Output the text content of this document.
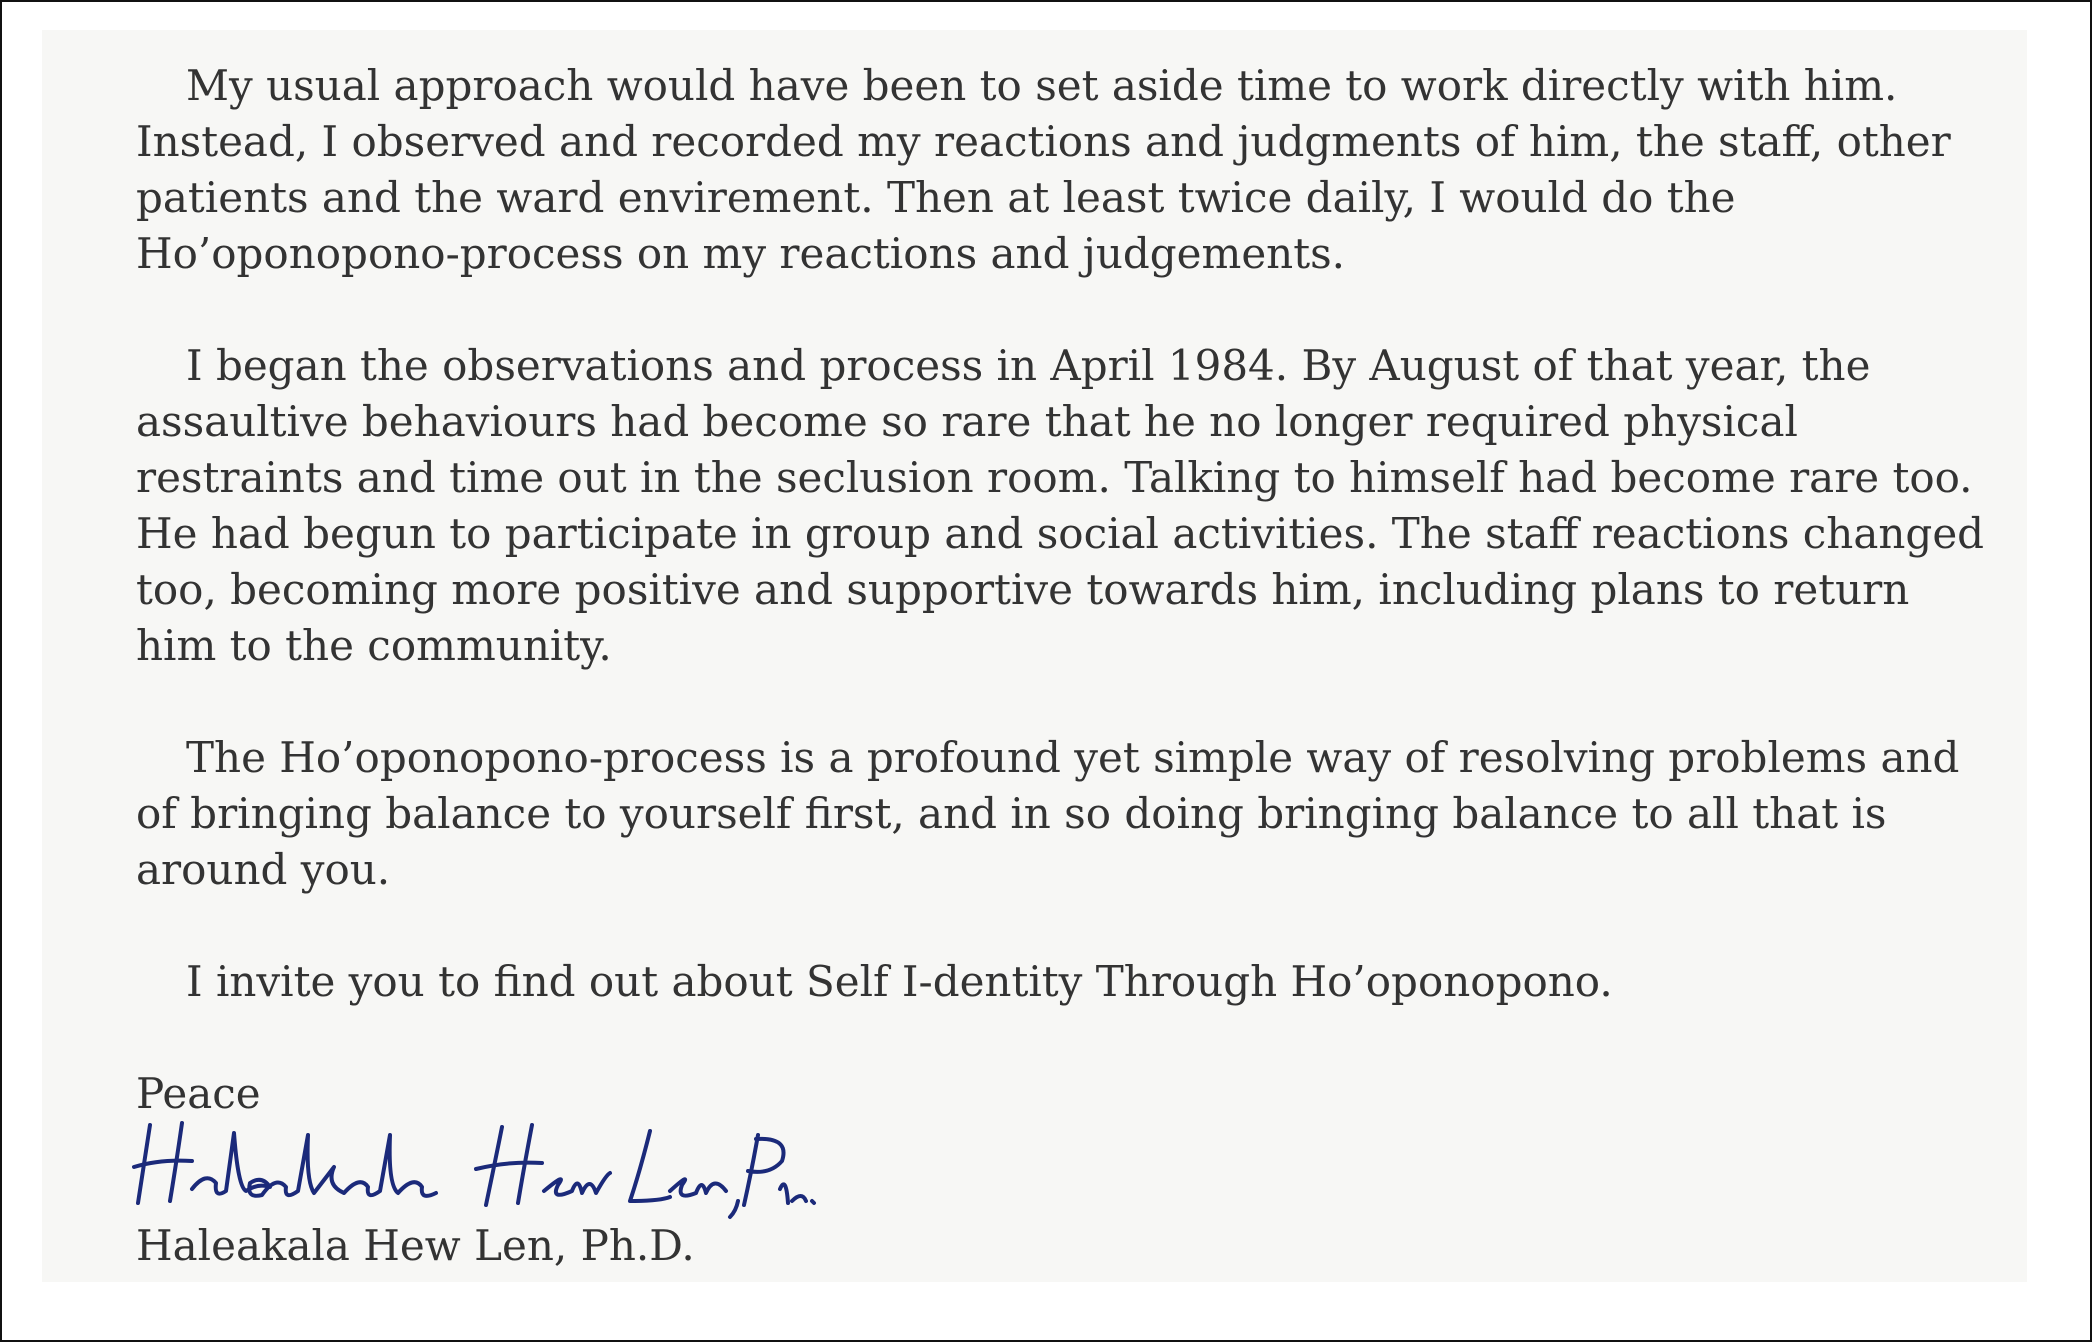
My usual approach would have been to set aside time to work directly with him.
Instead, I observed and recorded my reactions and judgments of him, the staff, other
patients and the ward envirement. Then at least twice daily, I would do the
Ho’oponopono-process on my reactions and judgements.

I began the observations and process in April 1984. By August of that year, the
assaultive behaviours had become so rare that he no longer required physical
restraints and time out in the seclusion room. Talking to himself had become rare too.
He had begun to participate in group and social activities. The staff reactions changed
too, becoming more positive and supportive towards him, including plans to return
him to the community.

The Ho’oponopono-process is a profound yet simple way of resolving problems and
of bringing balance to yourself first, and in so doing bringing balance to all that is
around you.

I invite you to find out about Self I-dentity Through Ho’oponopono.

Peace

Haleakala Hew Len, Ph.D.
